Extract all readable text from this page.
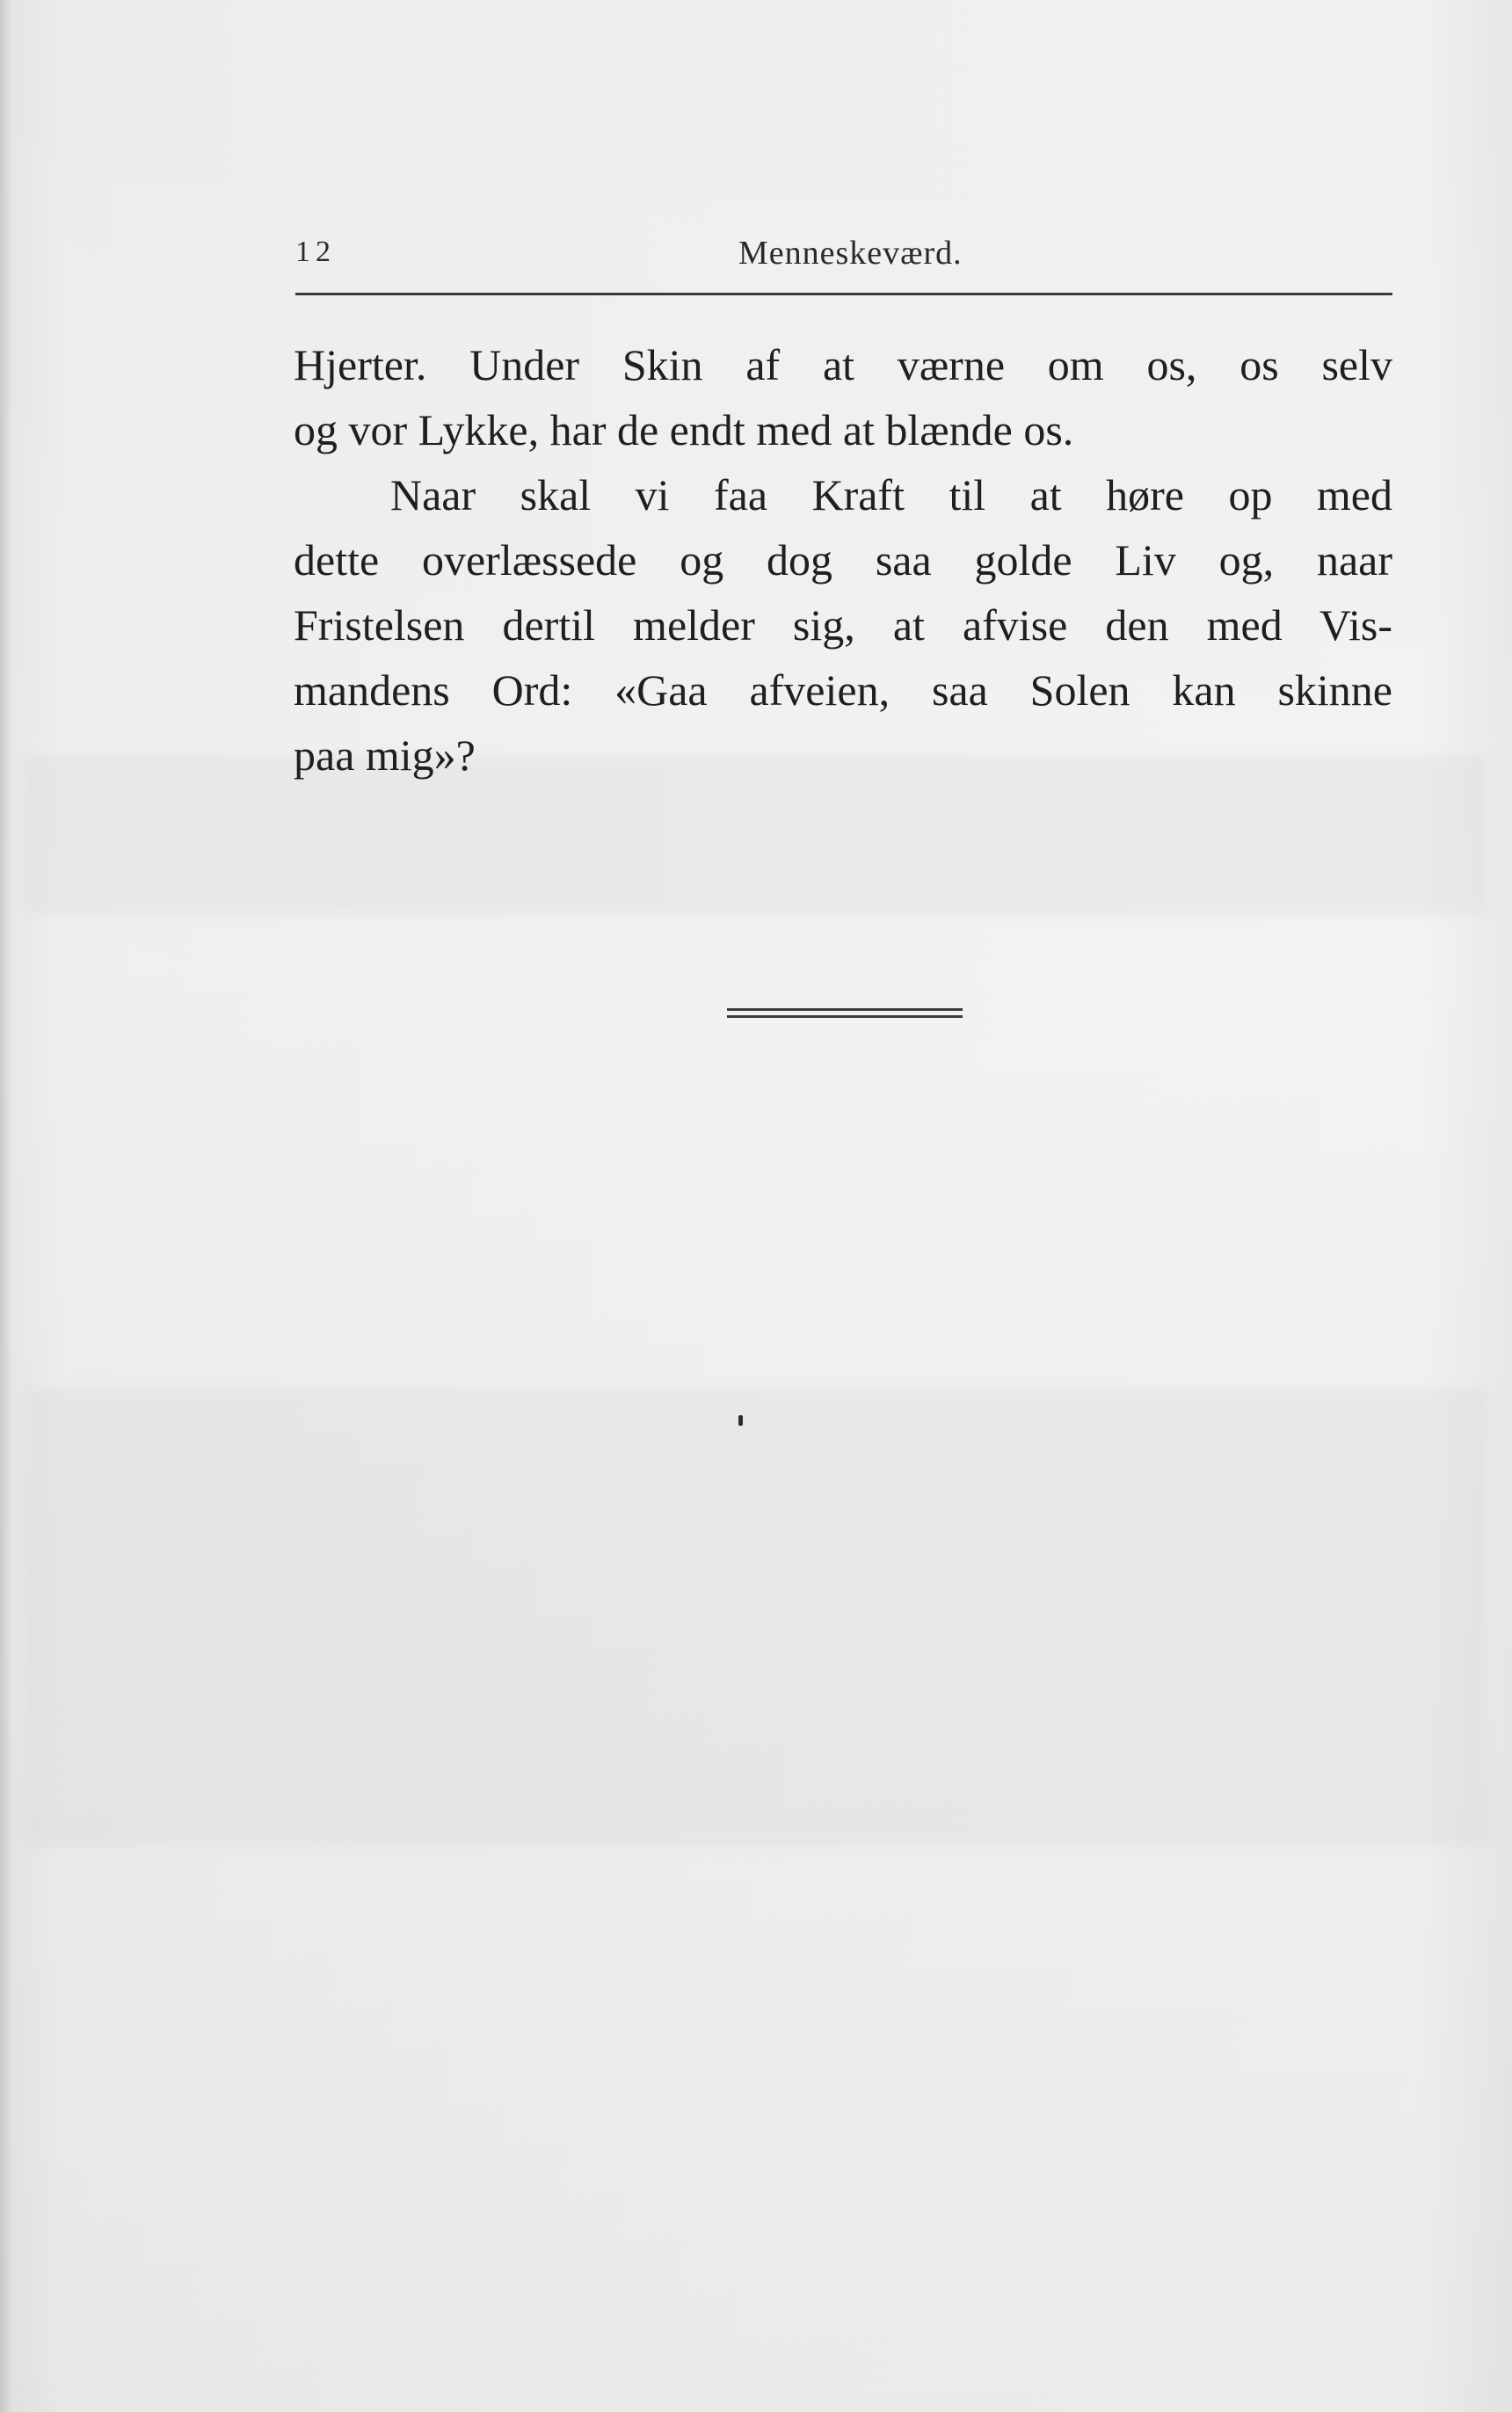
12	Menneskeværd.
Hjerter. Under Skin af at værne om os, os selv
og vor Lykke, har de endt med at blænde os.
Naar skal vi faa Kraft til at høre op med
dette overlæssede og dog saa golde Liv og, naar
Fristelsen dertil melder sig, at afvise den med Vis-
mandens Ord: «Gaa afveien, saa Solen kan skinne
paa mig»?
